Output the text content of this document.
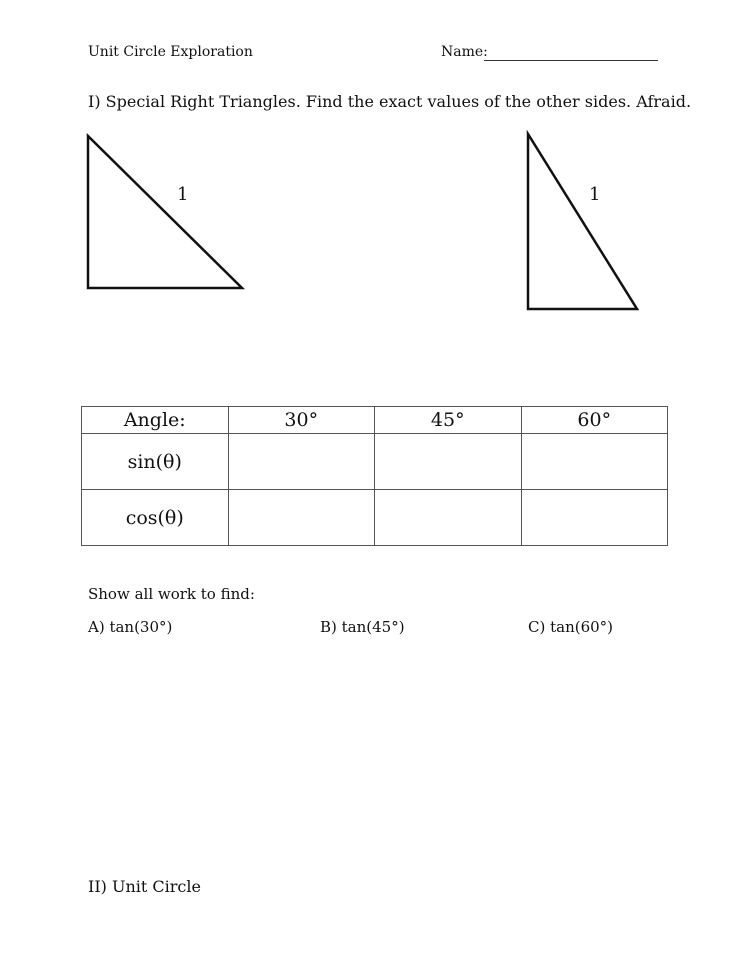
Unit Circle Exploration	Name:
I) Special Right Triangles. Find the exact values of the other sides. Afraid.
1	1
Angle:	30°	45°	60°
sin(θ)			
cos(θ)			
Show all work to find:
A) tan(30°)	B) tan(45°)	C) tan(60°)
II) Unit Circle
